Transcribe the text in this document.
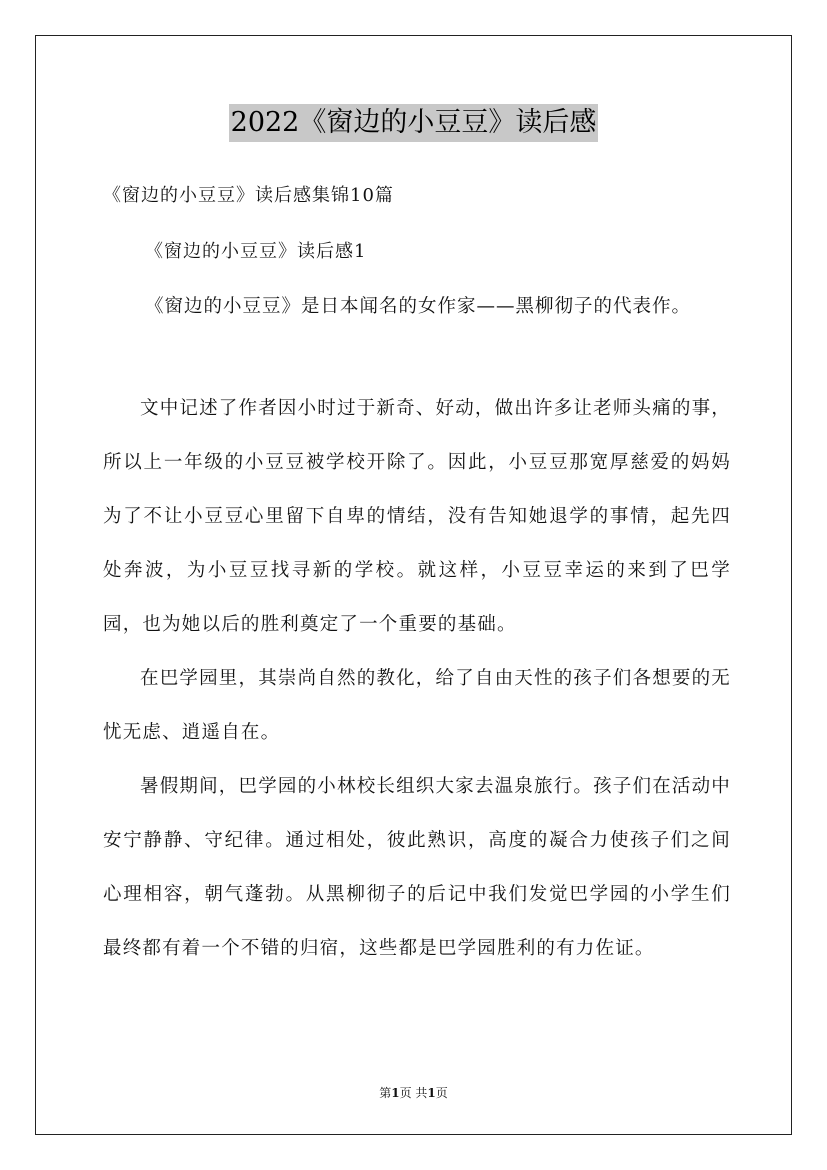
2022《窗边的小豆豆》读后感
《窗边的小豆豆》读后感集锦10篇
《窗边的小豆豆》读后感1
《窗边的小豆豆》是日本闻名的女作家——黑柳彻子的代表作。

文中记述了作者因小时过于新奇、好动，做出许多让老师头痛的事，所以上一年级的小豆豆被学校开除了。因此，小豆豆那宽厚慈爱的妈妈为了不让小豆豆心里留下自卑的情结，没有告知她退学的事情，起先四处奔波，为小豆豆找寻新的学校。就这样，小豆豆幸运的来到了巴学园，也为她以后的胜利奠定了一个重要的基础。

在巴学园里，其崇尚自然的教化，给了自由天性的孩子们各想要的无忧无虑、逍遥自在。

暑假期间，巴学园的小林校长组织大家去温泉旅行。孩子们在活动中安宁静静、守纪律。通过相处，彼此熟识，高度的凝合力使孩子们之间心理相容，朝气蓬勃。从黑柳彻子的后记中我们发觉巴学园的小学生们最终都有着一个不错的归宿，这些都是巴学园胜利的有力佐证。

第1页 共1页
